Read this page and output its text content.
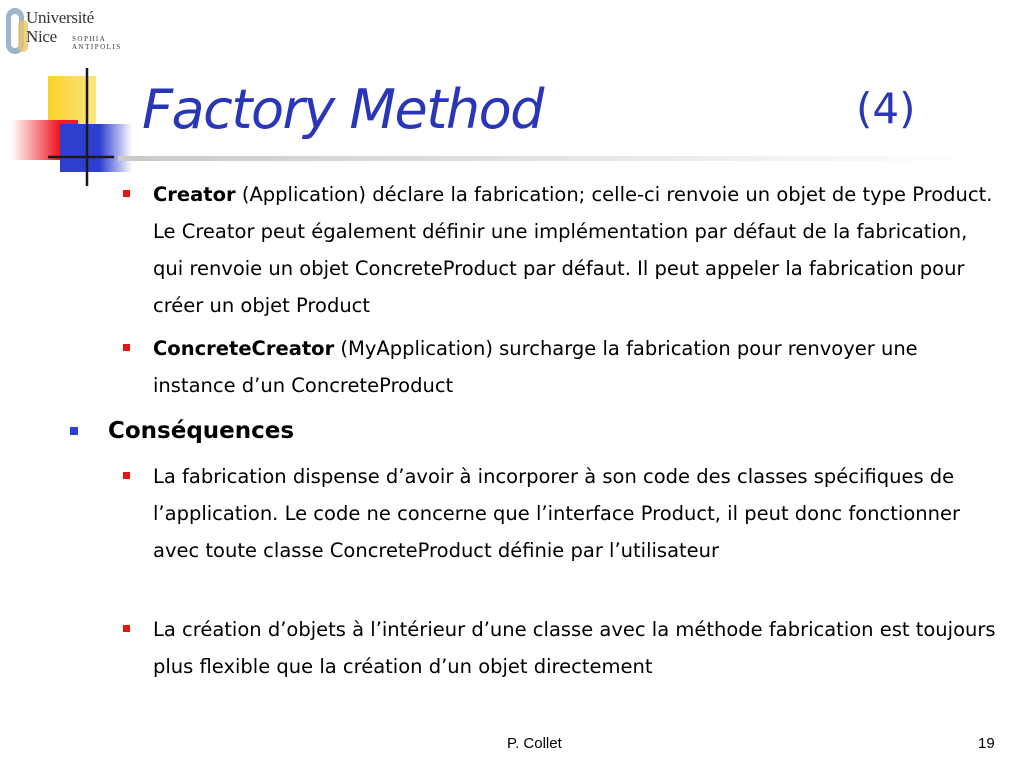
Université
Nice SOPHIA ANTIPOLIS
Factory Method	(4)
Creator (Application) déclare la fabrication; celle-ci renvoie un objet de type Product. Le Creator peut également définir une implémentation par défaut de la fabrication, qui renvoie un objet ConcreteProduct par défaut. Il peut appeler la fabrication pour créer un objet Product
ConcreteCreator (MyApplication) surcharge la fabrication pour renvoyer une instance d’un ConcreteProduct
Conséquences
La fabrication dispense d’avoir à incorporer à son code des classes spécifiques de l’application. Le code ne concerne que l’interface Product, il peut donc fonctionner avec toute classe ConcreteProduct définie par l’utilisateur
La création d’objets à l’intérieur d’une classe avec la méthode fabrication est toujours plus flexible que la création d’un objet directement
P. Collet	19
